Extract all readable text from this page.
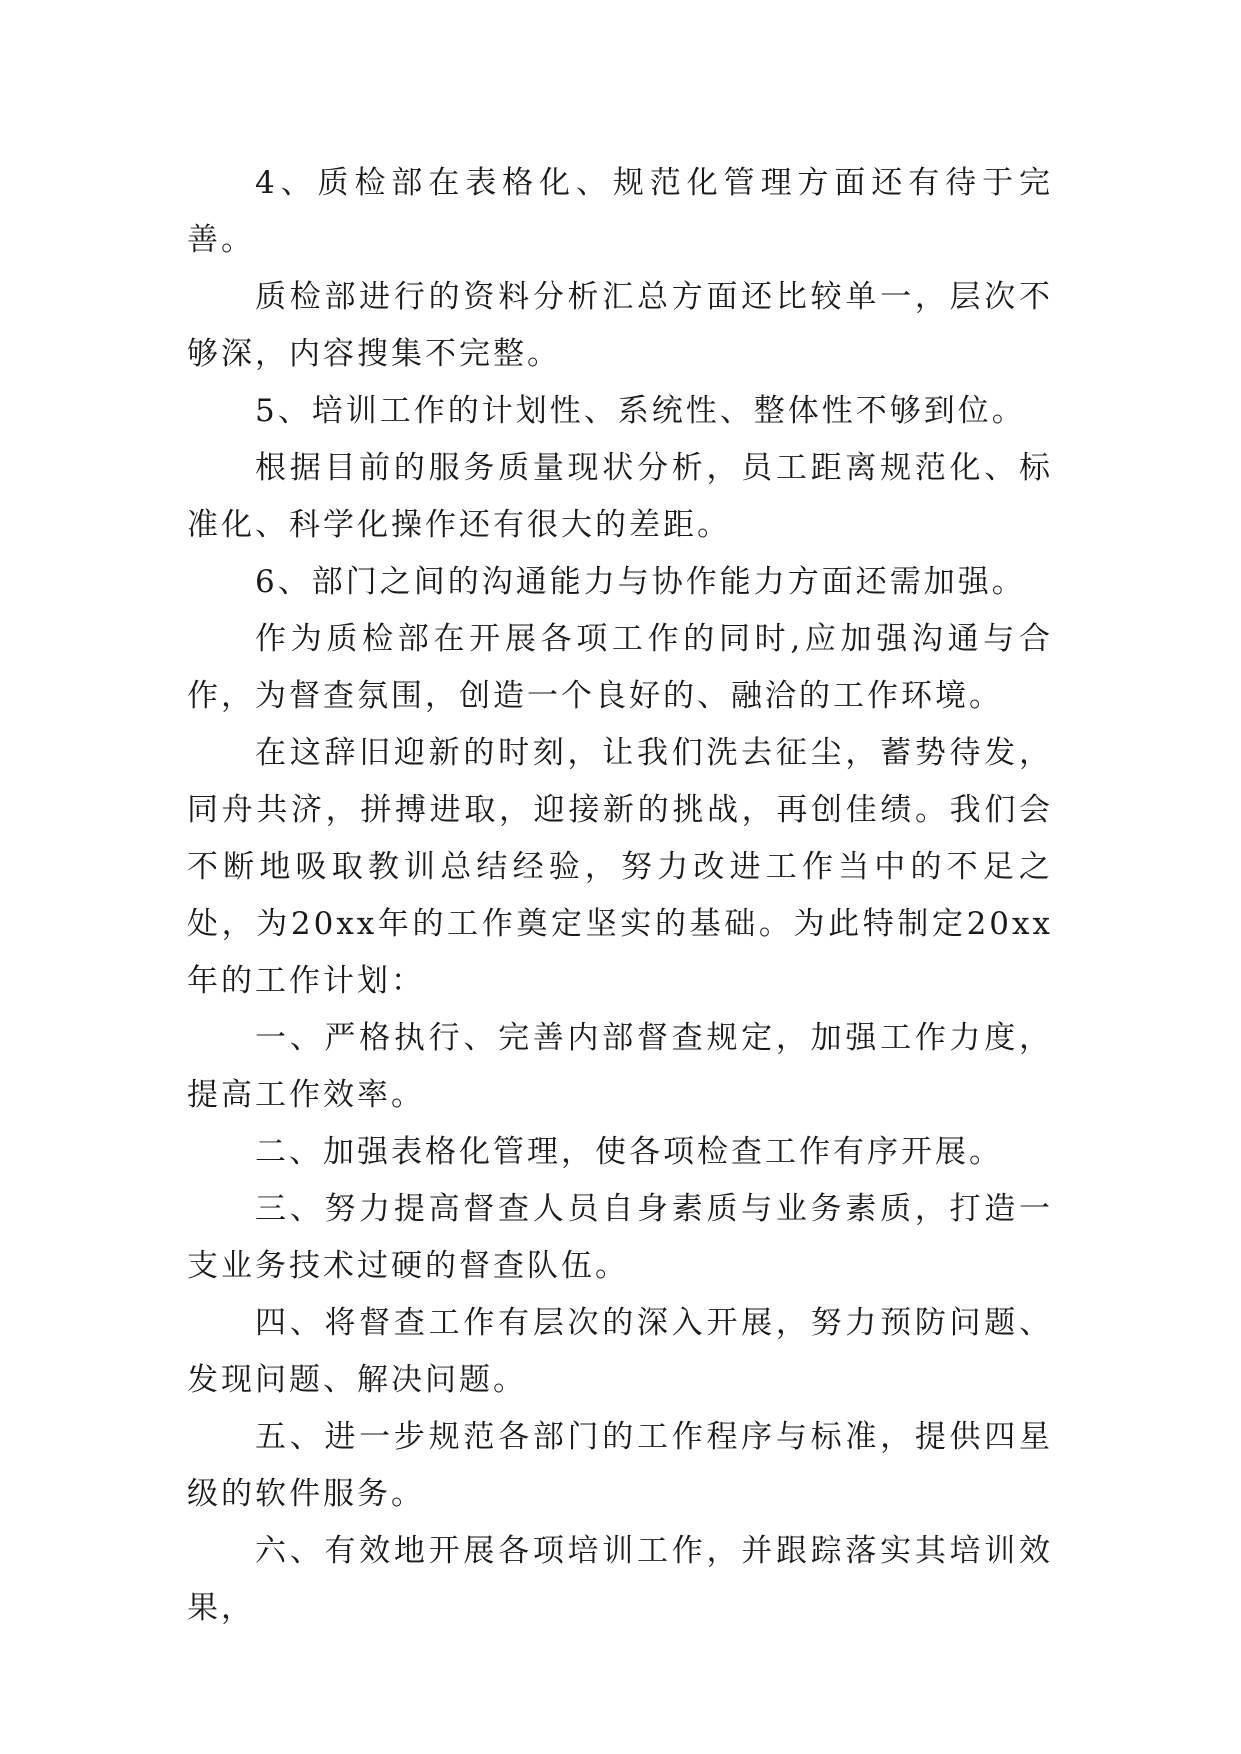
4、质检部在表格化、规范化管理方面还有待于完善。

质检部进行的资料分析汇总方面还比较单一，层次不够深，内容搜集不完整。

5、培训工作的计划性、系统性、整体性不够到位。

根据目前的服务质量现状分析，员工距离规范化、标准化、科学化操作还有很大的差距。

6、部门之间的沟通能力与协作能力方面还需加强。

作为质检部在开展各项工作的同时,应加强沟通与合作，为督查氛围，创造一个良好的、融洽的工作环境。

在这辞旧迎新的时刻，让我们洗去征尘，蓄势待发，同舟共济，拼搏进取，迎接新的挑战，再创佳绩。我们会不断地吸取教训总结经验，努力改进工作当中的不足之处，为20xx年的工作奠定坚实的基础。为此特制定20xx年的工作计划：

一、严格执行、完善内部督查规定，加强工作力度，提高工作效率。

二、加强表格化管理，使各项检查工作有序开展。

三、努力提高督查人员自身素质与业务素质，打造一支业务技术过硬的督查队伍。

四、将督查工作有层次的深入开展，努力预防问题、发现问题、解决问题。

五、进一步规范各部门的工作程序与标准，提供四星级的软件服务。

六、有效地开展各项培训工作，并跟踪落实其培训效果，
